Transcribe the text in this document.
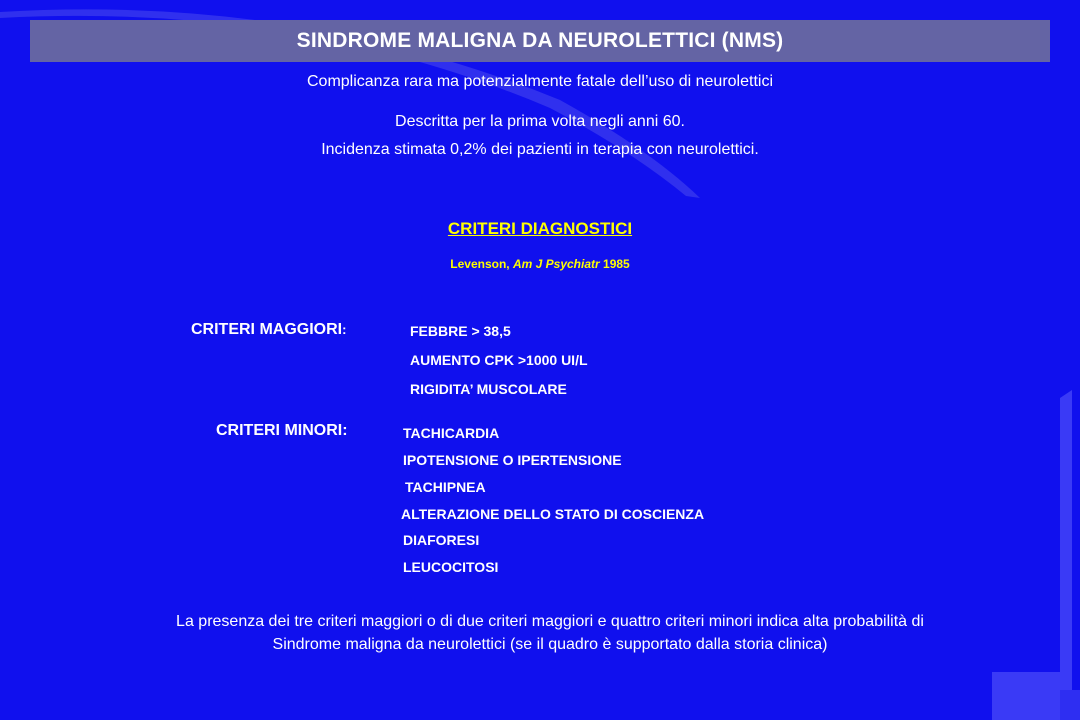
SINDROME MALIGNA DA NEUROLETTICI (NMS)
Complicanza rara ma potenzialmente fatale dell’uso di neurolettici
Descritta per la prima volta negli anni 60.
Incidenza stimata 0,2% dei pazienti in terapia con neurolettici.
CRITERI DIAGNOSTICI
Levenson, Am J Psychiatr 1985
CRITERI MAGGIORI:	FEBBRE > 38,5
AUMENTO CPK >1000 UI/L
RIGIDITA’ MUSCOLARE
CRITERI MINORI:	TACHICARDIA
IPOTENSIONE O IPERTENSIONE
TACHIPNEA
ALTERAZIONE DELLO STATO DI COSCIENZA
DIAFORESI
LEUCOCITOSI
La presenza dei tre criteri maggiori o di due criteri maggiori e quattro criteri minori indica alta probabilità di
Sindrome maligna da neurolettici (se il quadro è supportato dalla storia clinica)
